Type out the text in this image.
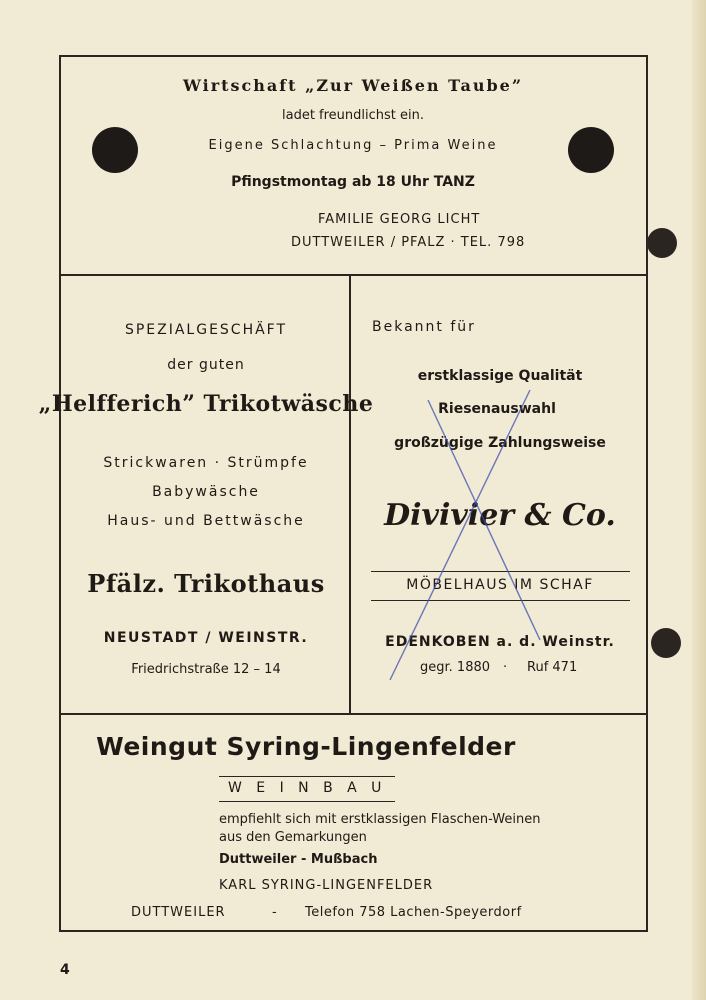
Wirtschaft „Zur Weißen Taube”
ladet freundlichst ein.
Eigene Schlachtung – Prima Weine
Pfingstmontag ab 18 Uhr TANZ
FAMILIE GEORG LICHT
DUTTWEILER / PFALZ · TEL. 798
SPEZIALGESCHÄFT
der guten
„Helfferich” Trikotwäsche
Strickwaren · Strümpfe
Babywäsche
Haus- und Bettwäsche
Pfälz. Trikothaus
NEUSTADT / WEINSTR.
Friedrichstraße 12 – 14
Bekannt für
erstklassige Qualität
Riesenauswahl
großzügige Zahlungsweise
Divivier & Co.
MÖBELHAUS IM SCHAF
EDENKOBEN a. d. Weinstr.
gegr. 1880 · Ruf 471
Weingut Syring-Lingenfelder
W E I N B A U
empfiehlt sich mit erstklassigen Flaschen-Weinen
aus den Gemarkungen
Duttweiler - Mußbach
KARL SYRING-LINGENFELDER
DUTTWEILER	- Telefon 758 Lachen-Speyerdorf
4
